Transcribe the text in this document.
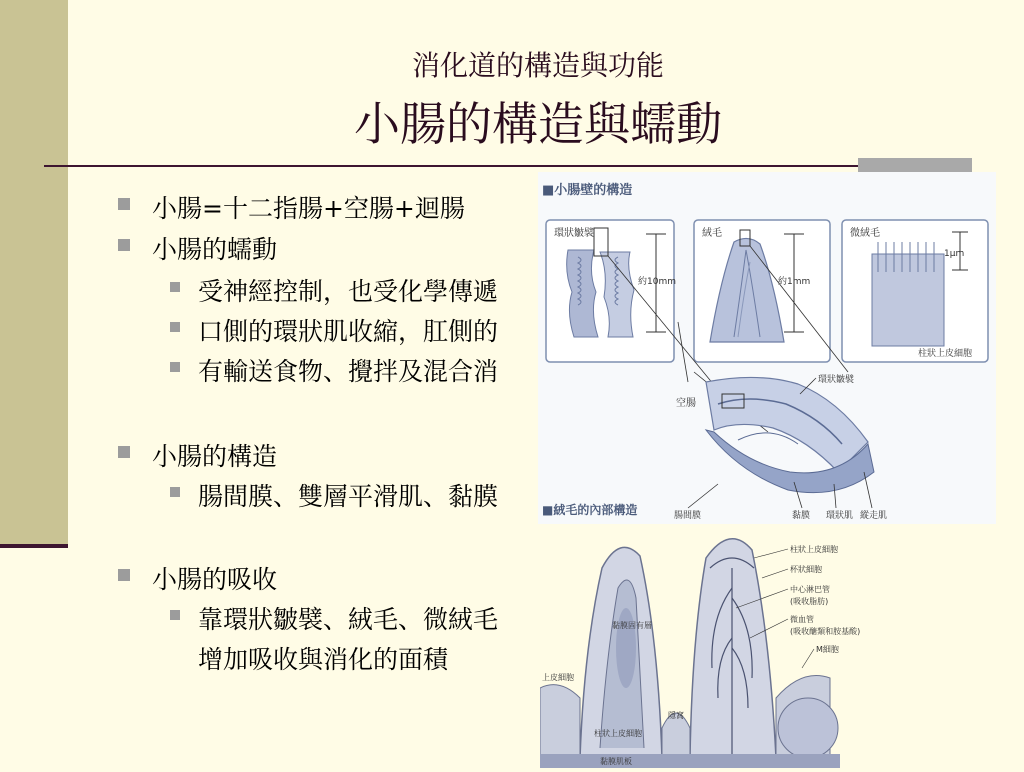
消化道的構造與功能
小腸的構造與蠕動
小腸=十二指腸+空腸+迴腸
小腸的蠕動
受神經控制，也受化學傳遞
口側的環狀肌收縮，肛側的
有輸送食物、攪拌及混合消
小腸的構造
腸間膜、雙層平滑肌、黏膜
小腸的吸收
靠環狀皺襞、絨毛、微絨毛
增加吸收與消化的面積
■小腸壁的構造
環狀皺襞
約10mm
絨毛
約1mm
微絨毛
1μm
柱狀上皮細胞
空腸
環狀皺襞
腸間膜	黏膜 環狀肌 縱走肌
■絨毛的內部構造
柱狀上皮細胞
杯狀細胞
中心淋巴管
(吸收脂肪)
微血管
(吸收醣類和胺基酸)
M細胞
上皮細胞
黏膜固有層
隱窩
柱狀上皮細胞
黏膜肌板
